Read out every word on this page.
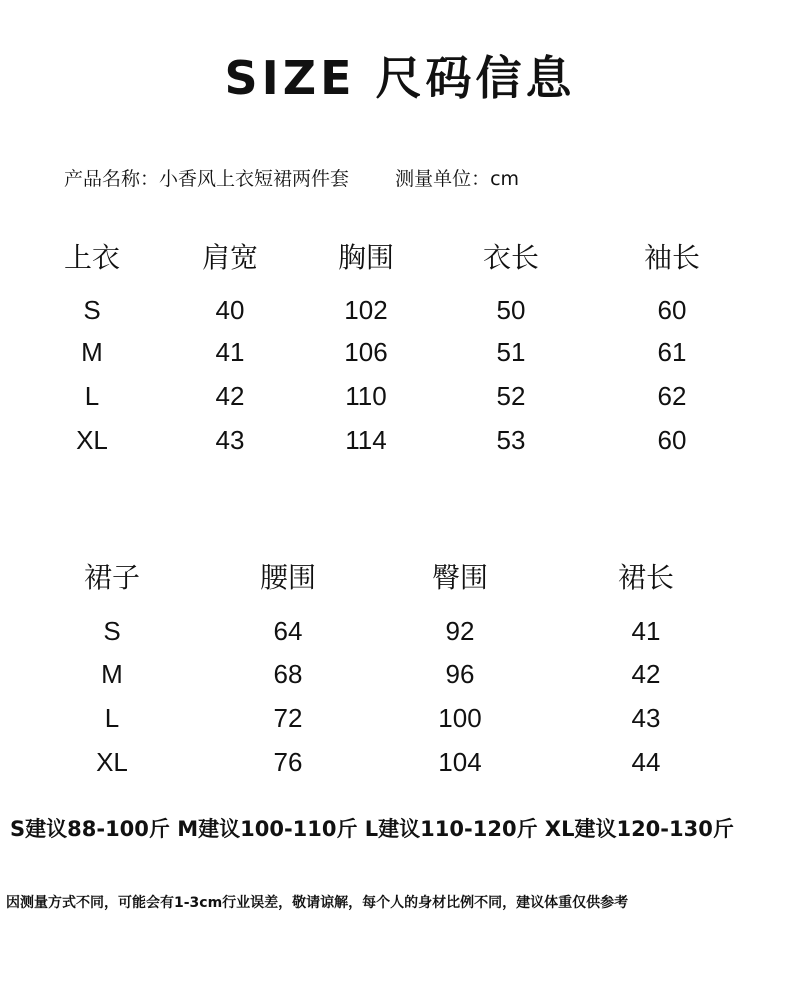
SIZE 尺码信息
产品名称：小香风上衣短裙两件套 测量单位：cm
上衣	肩宽	胸围	衣长	袖长
S	40	102	50	60
M	41	106	51	61
L	42	110	52	62
XL	43	114	53	60
裙子	腰围	臀围	裙长
S	64	92	41
M	68	96	42
L	72	100	43
XL	76	104	44
S建议88-100斤 M建议100-110斤 L建议110-120斤 XL建议120-130斤
因测量方式不同，可能会有1-3cm行业误差，敬请谅解，每个人的身材比例不同，建议体重仅供参考
